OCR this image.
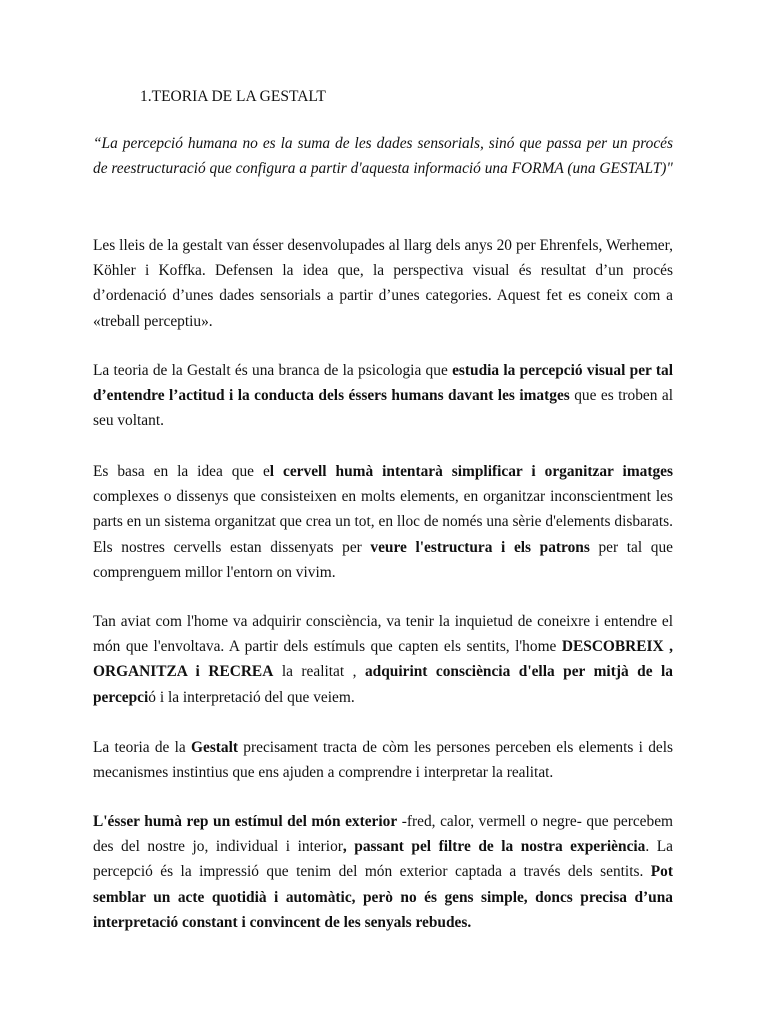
1.TEORIA DE LA GESTALT

“La percepció humana no es la suma de les dades sensorials, sinó que passa per un procés de reestructuració que configura a partir d'aquesta informació una FORMA (una GESTALT)"

Les lleis de la gestalt van ésser desenvolupades al llarg dels anys 20 per Ehrenfels, Werhemer, Köhler i Koffka. Defensen la idea que, la perspectiva visual és resultat d’un procés d’ordenació d’unes dades sensorials a partir d’unes categories. Aquest fet es coneix com a «treball perceptiu».

La teoria de la Gestalt és una branca de la psicologia que estudia la percepció visual per tal d’entendre l’actitud i la conducta dels éssers humans davant les imatges que es troben al seu voltant.

Es basa en la idea que el cervell humà intentarà simplificar i organitzar imatges complexes o dissenys que consisteixen en molts elements, en organitzar inconscientment les parts en un sistema organitzat que crea un tot, en lloc de només una sèrie d'elements disbarats. Els nostres cervells estan dissenyats per veure l'estructura i els patrons per tal que comprenguem millor l'entorn on vivim.

Tan aviat com l'home va adquirir consciència, va tenir la inquietud de coneixre i entendre el món que l'envoltava. A partir dels estímuls que capten els sentits, l'home DESCOBREIX , ORGANITZA i RECREA la realitat , adquirint consciència d'ella per mitjà de la percepció i la interpretació del que veiem.

La teoria de la Gestalt precisament tracta de còm les persones perceben els elements i dels mecanismes instintius que ens ajuden a comprendre i interpretar la realitat.

L'ésser humà rep un estímul del món exterior -fred, calor, vermell o negre- que percebem des del nostre jo, individual i interior, passant pel filtre de la nostra experiència. La percepció és la impressió que tenim del món exterior captada a través dels sentits. Pot semblar un acte quotidià i automàtic, però no és gens simple, doncs precisa d’una interpretació constant i convincent de les senyals rebudes.
